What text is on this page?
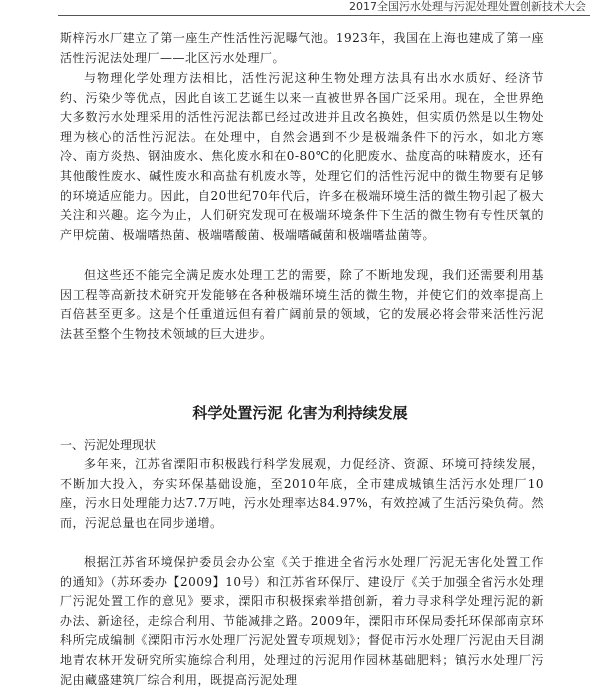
2017全国污水处理与污泥处理处置创新技术大会

斯梓污水厂建立了第一座生产性活性污泥曝气池。1923年，我国在上海也建成了第一座活性污泥法处理厂——北区污水处理厂。

与物理化学处理方法相比，活性污泥这种生物处理方法具有出水水质好、经济节约、污染少等优点，因此自该工艺诞生以来一直被世界各国广泛采用。现在，全世界绝大多数污水处理采用的活性污泥法都已经过改进并且改名换姓，但实质仍然是以生物处理为核心的活性污泥法。在处理中，自然会遇到不少是极端条件下的污水，如北方寒冷、南方炎热、钢油废水、焦化废水和在0-80℃的化肥废水、盐度高的味精废水，还有其他酸性废水、碱性废水和高盐有机废水等，处理它们的活性污泥中的微生物要有足够的环境适应能力。因此，自20世纪70年代后，许多在极端环境生活的微生物引起了极大关注和兴趣。迄今为止，人们研究发现可在极端环境条件下生活的微生物有专性厌氧的产甲烷菌、极端嗜热菌、极端嗜酸菌、极端嗜碱菌和极端嗜盐菌等。

但这些还不能完全满足废水处理工艺的需要，除了不断地发现，我们还需要利用基因工程等高新技术研究开发能够在各种极端环境生活的微生物，并使它们的效率提高上百倍甚至更多。这是个任重道远但有着广阔前景的领域，它的发展必将会带来活性污泥法甚至整个生物技术领域的巨大进步。

科学处置污泥 化害为利持续发展

一、污泥处理现状

多年来，江苏省溧阳市积极践行科学发展观，力促经济、资源、环境可持续发展，不断加大投入，夯实环保基础设施，至2010年底，全市建成城镇生活污水处理厂10座，污水日处理能力达7.7万吨，污水处理率达84.97%，有效控减了生活污染负荷。然而，污泥总量也在同步递增。

根据江苏省环境保护委员会办公室《关于推进全省污水处理厂污泥无害化处置工作的通知》（苏环委办【2009】10号）和江苏省环保厅、建设厅《关于加强全省污水处理厂污泥处置工作的意见》要求，溧阳市积极探索举措创新，着力寻求科学处理污泥的新办法、新途径，走综合利用、节能减排之路。2009年，溧阳市环保局委托环保部南京环科所完成编制《溧阳市污水处理厂污泥处置专项规划》；督促市污水处理厂污泥由天目湖地青农林开发研究所实施综合利用，处理过的污泥用作园林基础肥料；镇污水处理厂污泥由藏盛建筑厂综合利用，既提高污泥处理
